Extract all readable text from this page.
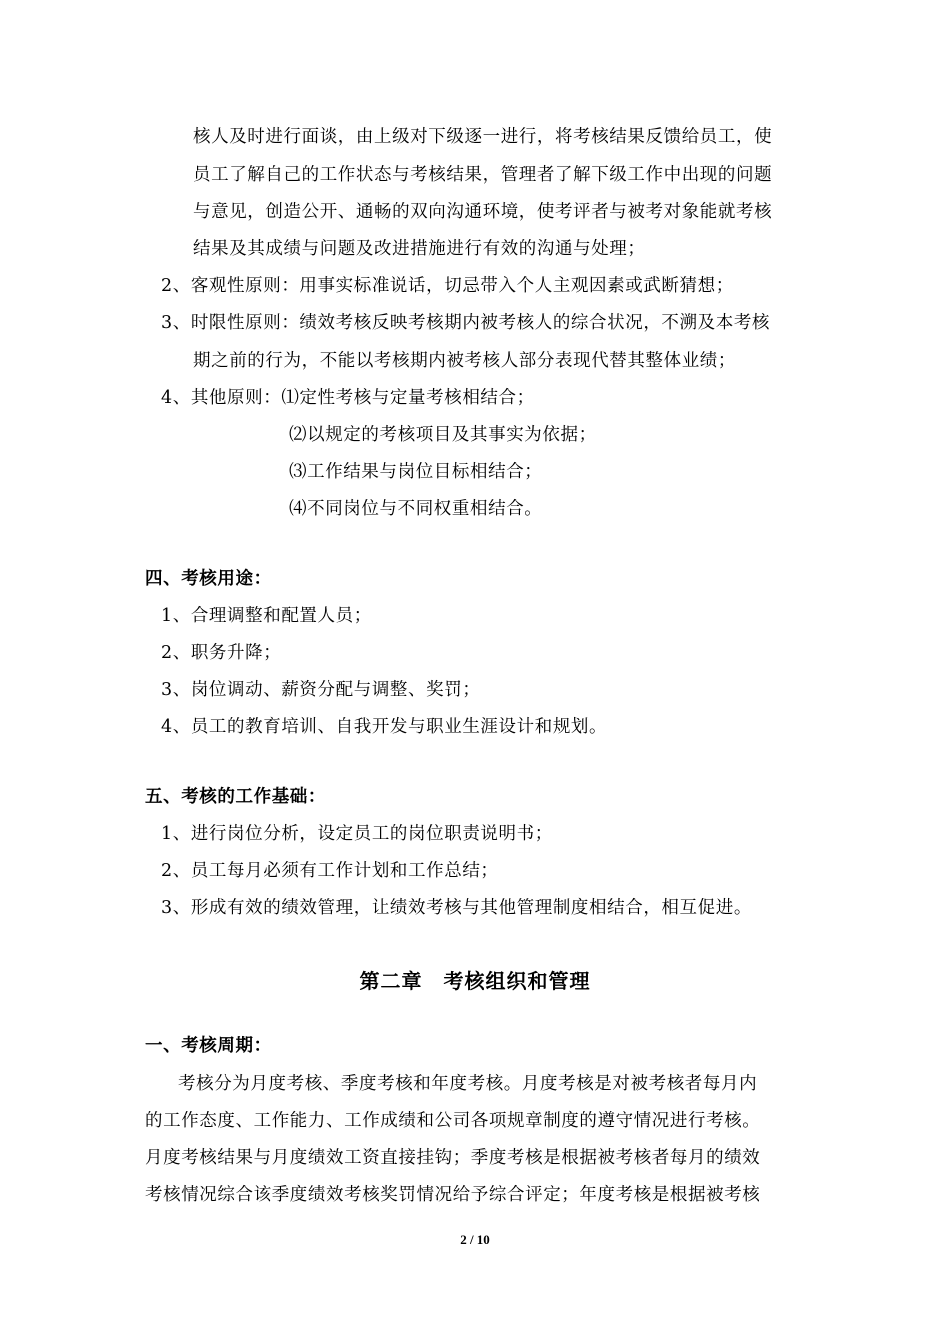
核人及时进行面谈，由上级对下级逐一进行，将考核结果反馈给员工，使
员工了解自己的工作状态与考核结果，管理者了解下级工作中出现的问题
与意见，创造公开、通畅的双向沟通环境，使考评者与被考对象能就考核
结果及其成绩与问题及改进措施进行有效的沟通与处理；
2、客观性原则：用事实标准说话，切忌带入个人主观因素或武断猜想；
3、时限性原则：绩效考核反映考核期内被考核人的综合状况，不溯及本考核
期之前的行为，不能以考核期内被考核人部分表现代替其整体业绩；
4、其他原则：⑴定性考核与定量考核相结合；
⑵以规定的考核项目及其事实为依据；
⑶工作结果与岗位目标相结合；
⑷不同岗位与不同权重相结合。
四、考核用途：
1、合理调整和配置人员；
2、职务升降；
3、岗位调动、薪资分配与调整、奖罚；
4、员工的教育培训、自我开发与职业生涯设计和规划。
五、考核的工作基础：
1、进行岗位分析，设定员工的岗位职责说明书；
2、员工每月必须有工作计划和工作总结；
3、形成有效的绩效管理，让绩效考核与其他管理制度相结合，相互促进。
第二章　考核组织和管理
一、考核周期：
考核分为月度考核、季度考核和年度考核。月度考核是对被考核者每月内
的工作态度、工作能力、工作成绩和公司各项规章制度的遵守情况进行考核。
月度考核结果与月度绩效工资直接挂钩；季度考核是根据被考核者每月的绩效
考核情况综合该季度绩效考核奖罚情况给予综合评定；年度考核是根据被考核
2 / 10
